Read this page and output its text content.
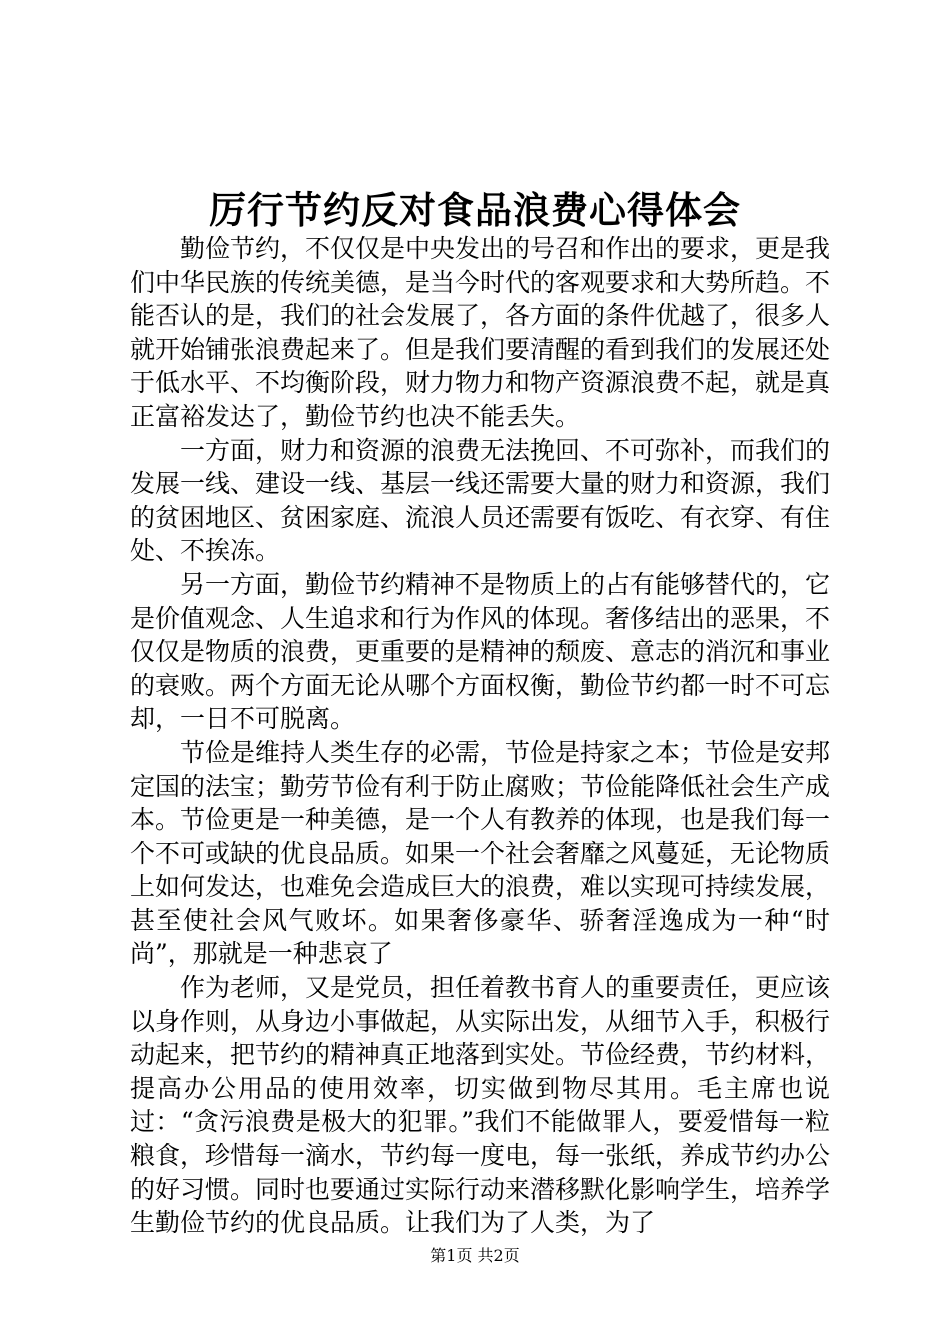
厉行节约反对食品浪费心得体会

勤俭节约，不仅仅是中央发出的号召和作出的要求，更是我们中华民族的传统美德，是当今时代的客观要求和大势所趋。不能否认的是，我们的社会发展了，各方面的条件优越了，很多人就开始铺张浪费起来了。但是我们要清醒的看到我们的发展还处于低水平、不均衡阶段，财力物力和物产资源浪费不起，就是真正富裕发达了，勤俭节约也决不能丢失。

一方面，财力和资源的浪费无法挽回、不可弥补，而我们的发展一线、建设一线、基层一线还需要大量的财力和资源，我们的贫困地区、贫困家庭、流浪人员还需要有饭吃、有衣穿、有住处、不挨冻。

另一方面，勤俭节约精神不是物质上的占有能够替代的，它是价值观念、人生追求和行为作风的体现。奢侈结出的恶果，不仅仅是物质的浪费，更重要的是精神的颓废、意志的消沉和事业的衰败。两个方面无论从哪个方面权衡，勤俭节约都一时不可忘却，一日不可脱离。

节俭是维持人类生存的必需，节俭是持家之本；节俭是安邦定国的法宝；勤劳节俭有利于防止腐败；节俭能降低社会生产成本。节俭更是一种美德，是一个人有教养的体现，也是我们每一个不可或缺的优良品质。如果一个社会奢靡之风蔓延，无论物质上如何发达，也难免会造成巨大的浪费，难以实现可持续发展，甚至使社会风气败坏。如果奢侈豪华、骄奢淫逸成为一种“时尚”，那就是一种悲哀了

作为老师，又是党员，担任着教书育人的重要责任，更应该以身作则，从身边小事做起，从实际出发，从细节入手，积极行动起来，把节约的精神真正地落到实处。节俭经费，节约材料，提高办公用品的使用效率，切实做到物尽其用。毛主席也说过：“贪污浪费是极大的犯罪。”我们不能做罪人，要爱惜每一粒粮食，珍惜每一滴水，节约每一度电，每一张纸，养成节约办公的好习惯。同时也要通过实际行动来潜移默化影响学生，培养学生勤俭节约的优良品质。让我们为了人类，为了

第1页 共2页
